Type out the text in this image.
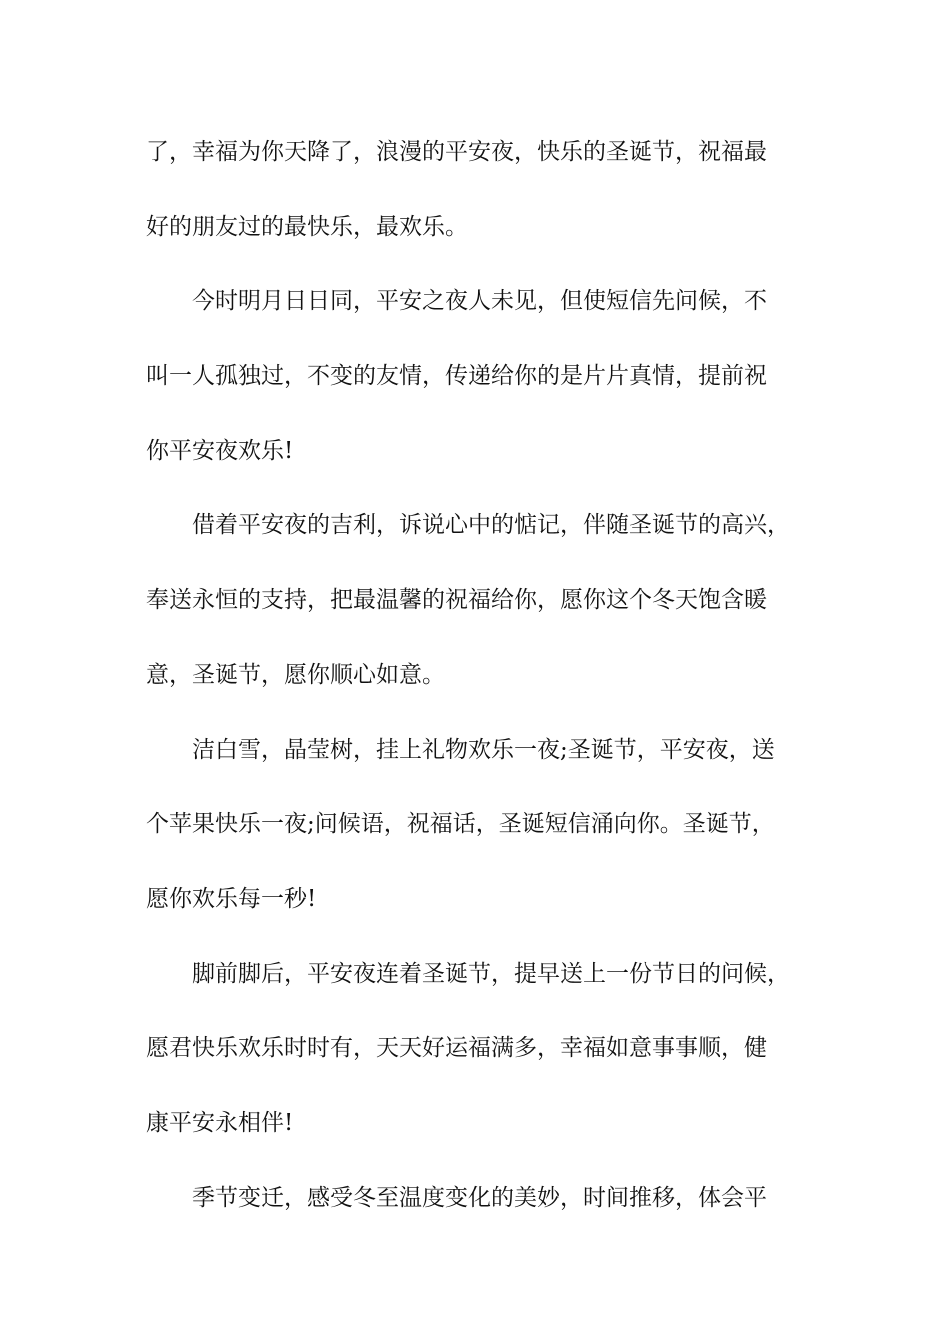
了，幸福为你天降了，浪漫的平安夜，快乐的圣诞节，祝福最
好的朋友过的最快乐，最欢乐。
今时明月日日同，平安之夜人未见，但使短信先问候，不
叫一人孤独过，不变的友情，传递给你的是片片真情，提前祝
你平安夜欢乐!
借着平安夜的吉利，诉说心中的惦记，伴随圣诞节的高兴，
奉送永恒的支持，把最温馨的祝福给你，愿你这个冬天饱含暖
意，圣诞节，愿你顺心如意。
洁白雪，晶莹树，挂上礼物欢乐一夜;圣诞节，平安夜，送
个苹果快乐一夜;问候语，祝福话，圣诞短信涌向你。圣诞节，
愿你欢乐每一秒!
脚前脚后，平安夜连着圣诞节，提早送上一份节日的问候，
愿君快乐欢乐时时有，天天好运福满多，幸福如意事事顺，健
康平安永相伴!
季节变迁，感受冬至温度变化的美妙，时间推移，体会平
